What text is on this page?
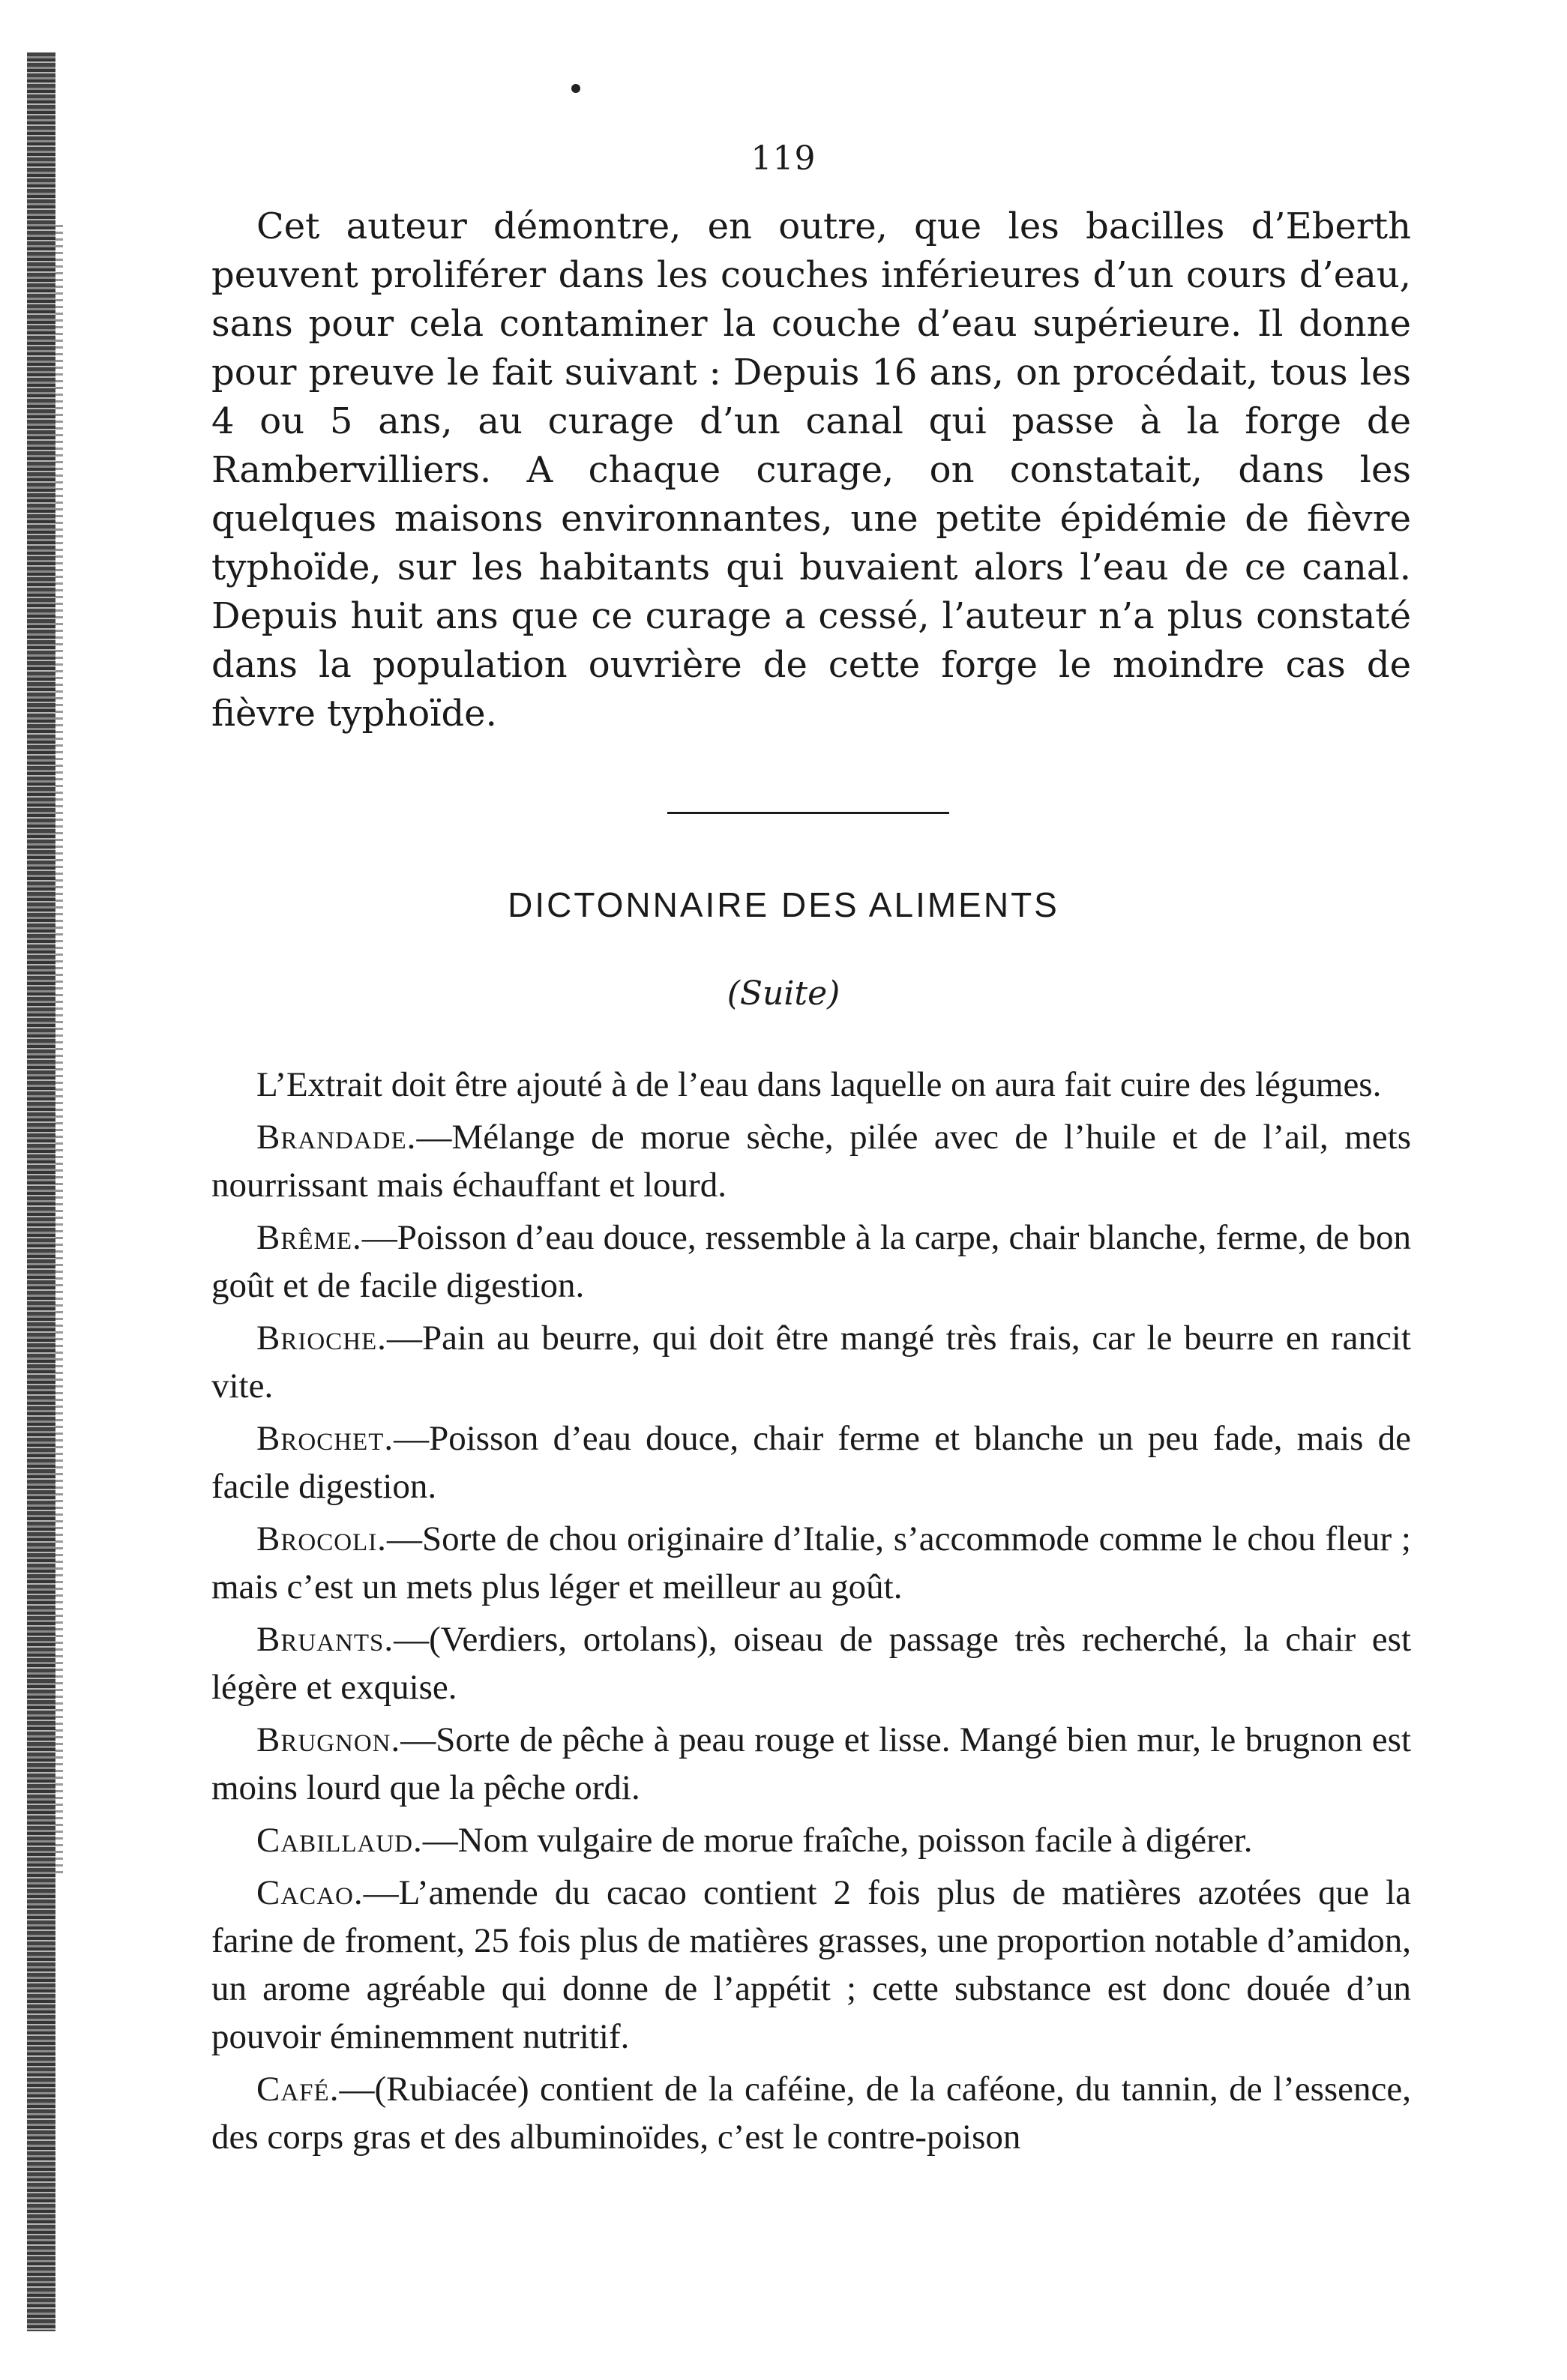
119

Cet auteur démontre, en outre, que les bacilles d’Eberth peuvent proliférer dans les couches inférieures d’un cours d’eau, sans pour cela contaminer la couche d’eau supérieure. Il donne pour preuve le fait suivant : Depuis 16 ans, on procédait, tous les 4 ou 5 ans, au curage d’un canal qui passe à la forge de Rambervilliers. A chaque curage, on constatait, dans les quelques maisons environnantes, une petite épidémie de fièvre typhoïde, sur les habitants qui buvaient alors l’eau de ce canal. Depuis huit ans que ce curage a cessé, l’auteur n’a plus constaté dans la population ouvrière de cette forge le moindre cas de fièvre typhoïde.

DICTONNAIRE DES ALIMENTS
(Suite)

L’Extrait doit être ajouté à de l’eau dans laquelle on aura fait cuire des légumes.

Brandade.—Mélange de morue sèche, pilée avec de l’huile et de l’ail, mets nourrissant mais échauffant et lourd.

Brême.—Poisson d’eau douce, ressemble à la carpe, chair blanche, ferme, de bon goût et de facile digestion.

Brioche.—Pain au beurre, qui doit être mangé très frais, car le beurre en rancit vite.

Brochet.—Poisson d’eau douce, chair ferme et blanche un peu fade, mais de facile digestion.

Brocoli.—Sorte de chou originaire d’Italie, s’accommode comme le chou fleur ; mais c’est un mets plus léger et meilleur au goût.

Bruants.—(Verdiers, ortolans), oiseau de passage très recherché, la chair est légère et exquise.

Brugnon.—Sorte de pêche à peau rouge et lisse. Mangé bien mur, le brugnon est moins lourd que la pêche ordi.

Cabillaud.—Nom vulgaire de morue fraîche, poisson facile à digérer.

Cacao.—L’amende du cacao contient 2 fois plus de matières azotées que la farine de froment, 25 fois plus de matières grasses, une proportion notable d’amidon, un arome agréable qui donne de l’appétit ; cette substance est donc douée d’un pouvoir éminemment nutritif.

Café.—(Rubiacée) contient de la caféine, de la caféone, du tannin, de l’essence, des corps gras et des albuminoïdes, c’est le contre-poison
